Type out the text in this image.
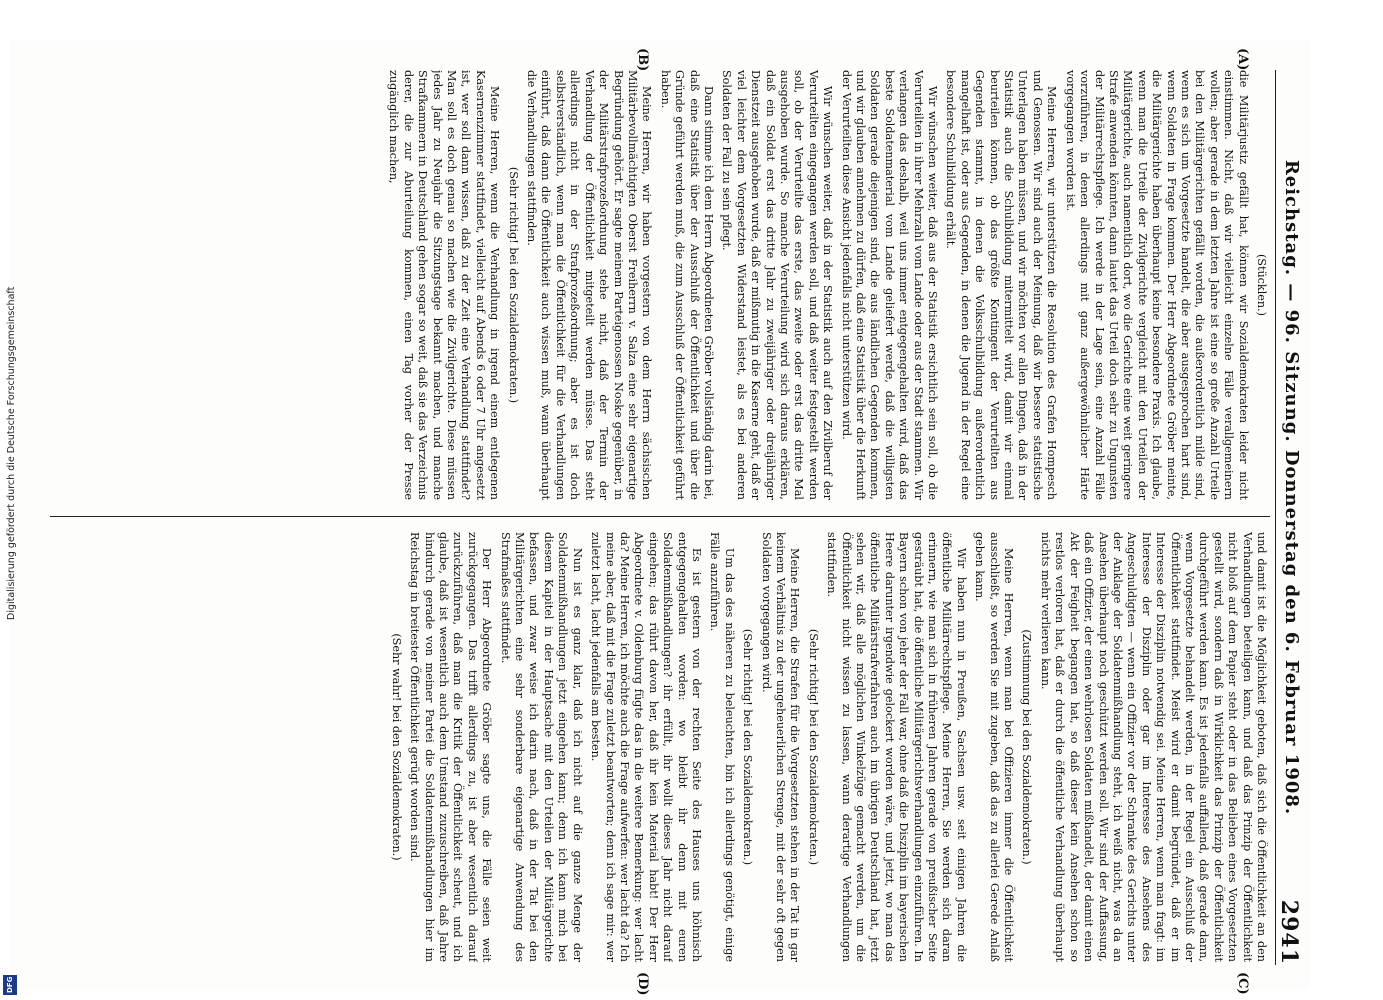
Reichstag. — 96. Sitzung. Donnerstag den 6. Februar 1908.
2941
(A)
(B)
(C)
(D)

(Stücklen.)

die Militärjustiz gefällt hat, können wir Sozialdemokraten leider nicht einstimmen. Nicht, daß wir vielleicht einzelne Fälle verallgemeinern wollen; aber gerade in dem letzten Jahre ist eine so große Anzahl Urteile bei den Militärgerichten gefällt worden, die außerordentlich milde sind, wenn es sich um Vorgesetzte handelt, die aber ausgesprochen hart sind, wenn Soldaten in Frage kommen. Der Herr Abgeordnete Gröber meinte, die Militärgerichte haben überhaupt keine besondere Praxis. Ich glaube, wenn man die Urteile der Zivilgerichte vergleicht mit den Urteilen der Militärgerichte, auch namentlich dort, wo die Gerichte eine weit geringere Strafe anwenden könnten, dann lautet das Urteil doch sehr zu Ungunsten der Militärrechtspflege. Ich werde in der Lage sein, eine Anzahl Fälle vorzuführen, in denen allerdings mit ganz außergewöhnlicher Härte vorgegangen worden ist.

Meine Herren, wir unterstützen die Resolution des Grafen Hompesch und Genossen. Wir sind auch der Meinung, daß wir bessere statistische Unterlagen haben müssen, und wir möchten vor allen Dingen, daß in der Statistik auch die Schulbildung mitermittelt wird, damit wir einmal beurteilen können, ob das größte Kontingent der Verurteilten aus Gegenden stammt, in denen die Volksschulbildung außerordentlich mangelhaft ist, oder aus Gegenden, in denen die Jugend in der Regel eine besondere Schulbildung erhält.

Wir wünschen weiter, daß aus der Statistik ersichtlich sein soll, ob die Verurteilten in ihrer Mehrzahl vom Lande oder aus der Stadt stammen. Wir verlangen das deshalb, weil uns immer entgegengehalten wird, daß das beste Soldatenmaterial vom Lande geliefert werde, daß die willigsten Soldaten gerade diejenigen sind, die aus ländlichen Gegenden kommen, und wir glauben annehmen zu dürfen, daß eine Statistik über die Herkunft der Verurteilten diese Ansicht jedenfalls nicht unterstützen wird.

Wir wünschen weiter, daß in der Statistik auch auf den Zivilberuf der Verurteilten eingegangen werden soll, und daß weiter festgestellt werden soll, ob der Verurteilte das erste, das zweite oder erst das dritte Mal ausgehoben wurde. So manche Verurteilung wird sich daraus erklären, daß ein Soldat erst das dritte Jahr zu zweijähriger oder dreijähriger Dienstzeit ausgehoben wurde, daß er mißmutig in die Kaserne geht, daß er viel leichter dem Vorgesetzten Widerstand leistet, als es bei anderen Soldaten der Fall zu sein pflegt.

Dann stimme ich dem Herrn Abgeordneten Gröber vollständig darin bei, daß eine Statistik über der Ausschluß der Öffentlichkeit und über die Gründe geführt werden muß, die zum Ausschluß der Öffentlichkeit geführt haben.

Meine Herren, wir haben vorgestern von dem Herrn sächsischen Militärbevollmächtigten Oberst Freiherrn v. Salza eine sehr eigenartige Begründung gehört. Er sagte meinem Parteigenossen Noske gegenüber, in der Militärstrafprozeßordnung stehe nicht, daß der Termin der Verhandlung der Öffentlichkeit mitgeteilt werden müsse. Das steht allerdings nicht in der Strafprozeßordnung; aber es ist doch selbstverständlich, wenn man die Öffentlichkeit für die Verhandlungen einführt, daß dann die Öffentlichkeit auch wissen muß, wann überhaupt die Verhandlungen stattfinden.

(Sehr richtig! bei den Sozialdemokraten.)

Meine Herren, wenn die Verhandlung in irgend einem entlegenen Kasernenzimmer stattfindet, vielleicht auf Abends 6 oder 7 Uhr angesetzt ist, wer soll dann wissen, daß zu der Zeit eine Verhandlung stattfindet? Man soll es doch genau so machen wie die Zivilgerichte. Diese müssen jedes Jahr zu Neujahr die Sitzungstage bekannt machen, und manche Strafkammern in Deutschland gehen sogar so weit, daß sie das Verzeichnis derer, die zur Aburteilung kommen, einen Tag vorher der Presse zugänglich machen,

und damit ist die Möglichkeit geboten, daß sich die Öffentlichkeit an den Verhandlungen beteiligen kann, und daß das Prinzip der Öffentlichkeit nicht bloß auf dem Papier steht oder in das Belieben eines Vorgesetzten gestellt wird, sondern daß in Wirklichkeit das Prinzip der Öffentlichkeit durchgeführt werden kann. Es ist jedenfalls auffallend, daß gerade dann, wenn Vorgesetzte behandelt werden, in der Regel ein Ausschluß der Öffentlichkeit stattfindet. Meist wird er damit begründet, daß er im Interesse der Disziplin notwendig sei. Meine Herren, wenn man fragt: im Interesse der Disziplin oder gar im Interesse des Ansehens des Angeschuldigten — wenn ein Offizier vor der Schranke des Gerichts unter der Anklage der Soldatenmißhandlung steht, ich weiß nicht, was da an Ansehen überhaupt noch geschützt werden soll. Wir sind der Auffassung, daß ein Offizier, der einen wehrlosen Soldaten mißhandelt, der damit einen Akt der Feigheit begangen hat, so daß dieser kein Ansehen schon so restlos verloren hat, daß er durch die öffentliche Verhandlung überhaupt nichts mehr verlieren kann.

(Zustimmung bei den Sozialdemokraten.)

Meine Herren, wenn man bei Offizieren immer die Öffentlichkeit ausschließt, so werden Sie mit zugeben, daß das zu allerlei Gerede Anlaß geben kann.

Wir haben nun in Preußen, Sachsen usw. seit einigen Jahren die öffentliche Militärrechtspflege. Meine Herren, Sie werden sich daran erinnern, wie man sich in früheren Jahren gerade von preußischer Seite gesträubt hat, die öffentliche Militärgerichtsverhandlungen einzuführen. In Bayern schon von jeher der Fall war, ohne daß die Disziplin im bayerischen Heere darunter irgendwie gelockert worden wäre, und jetzt, wo man das öffentliche Militärstrafverfahren auch im übrigen Deutschland hat, jetzt sehen wir, daß alle möglichen Winkelzüge gemacht werden, um die Öffentlichkeit nicht wissen zu lassen, wann derartige Verhandlungen stattfinden.

(Sehr richtig! bei den Sozialdemokraten.)

Meine Herren, die Strafen für die Vorgesetzten stehen in der Tat in gar keinem Verhältnis zu der ungeheuerlichen Strenge, mit der sehr oft gegen Soldaten vorgegangen wird.

(Sehr richtig! bei den Sozialdemokraten.)

Um das des näheren zu beleuchten, bin ich allerdings genötigt, einige Fälle anzuführen.

Es ist gestern von der rechten Seite des Hauses uns höhnisch entgegengehalten worden: wo bleibt ihr denn mit euren Soldatenmißhandlungen? ihr erfüllt, ihr wollt dieses Jahr nicht darauf eingehen; das rührt davon her, daß ihr kein Material habt! Der Herr Abgeordnete v. Oldenburg fügte das in die weitere Bemerkung: wer lacht da? Meine Herren, ich möchte auch die Frage aufwerfen: wer lacht da? Ich meine aber, daß mit die Frage zuletzt beantworten; denn ich sage mir: wer zuletzt lacht, lacht jedenfalls am besten.

Nun ist es ganz klar, daß ich nicht auf die ganze Menge der Soldatenmißhandlungen jetzt eingehen kann; denn ich kann mich bei diesem Kapitel in der Hauptsache mit den Urteilen der Militärgerichte befassen, und zwar weise ich darin nach, daß in der Tat bei den Militärgerichten eine sehr sonderbare eigenartige Anwendung des Strafmaßes stattfindet.

Der Herr Abgeordnete Gröber sagte uns, die Fälle seien weit zurückgegangen. Das trifft allerdings zu, ist aber wesentlich darauf zurückzuführen, daß man die Kritik der Öffentlichkeit scheut, und ich glaube, daß ist wesentlich auch dem Umstand zuzuschreiben, daß Jahre hindurch gerade von meiner Partei die Soldatenmißhandlungen hier im Reichstag in breitester Öffentlichkeit gerügt worden sind.

(Sehr wahr! bei den Sozialdemokraten.)

Digitalisierung gefördert durch die Deutsche Forschungsgemeinschaft
DFG
